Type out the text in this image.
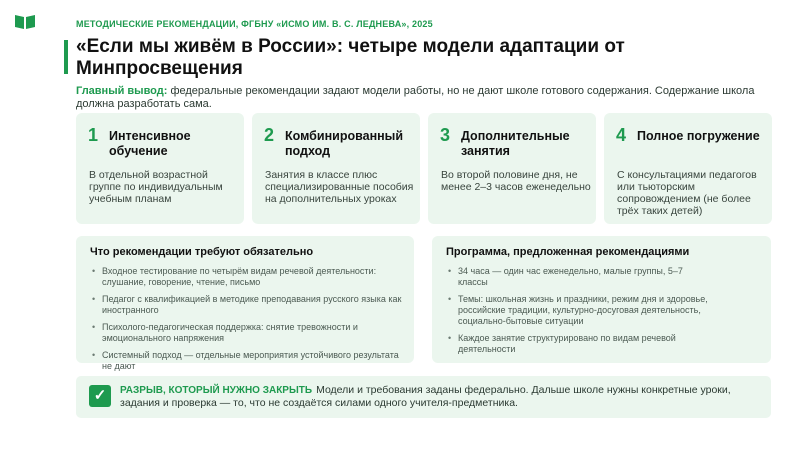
МЕТОДИЧЕСКИЕ РЕКОМЕНДАЦИИ, ФГБНУ «ИСМО ИМ. В. С. ЛЕДНЕВА», 2025
«Если мы живём в России»: четыре модели адаптации от Минпросвещения
Главный вывод: федеральные рекомендации задают модели работы, но не дают школе готового содержания. Содержание школа должна разработать сама.
1 Интенсивное обучение
В отдельной возрастной группе по индивидуальным учебным планам
2 Комбинированный подход
Занятия в классе плюс специализированные пособия на дополнительных уроках
3 Дополнительные занятия
Во второй половине дня, не менее 2–3 часов еженедельно
4 Полное погружение
С консультациями педагогов или тьюторским сопровождением (не более трёх таких детей)
Что рекомендации требуют обязательно
• Входное тестирование по четырём видам речевой деятельности: слушание, говорение, чтение, письмо
• Педагог с квалификацией в методике преподавания русского языка как иностранного
• Психолого-педагогическая поддержка: снятие тревожности и эмоционального напряжения
• Системный подход — отдельные мероприятия устойчивого результата не дают
Программа, предложенная рекомендациями
• 34 часа — один час еженедельно, малые группы, 5–7 классы
• Темы: школьная жизнь и праздники, режим дня и здоровье, российские традиции, культурно-досуговая деятельность, социально-бытовые ситуации
• Каждое занятие структурировано по видам речевой деятельности
✓	РАЗРЫВ, КОТОРЫЙ НУЖНО ЗАКРЫТЬ Модели и требования заданы федерально. Дальше школе нужны конкретные уроки, задания и проверка — то, что не создаётся силами одного учителя-предметника.
